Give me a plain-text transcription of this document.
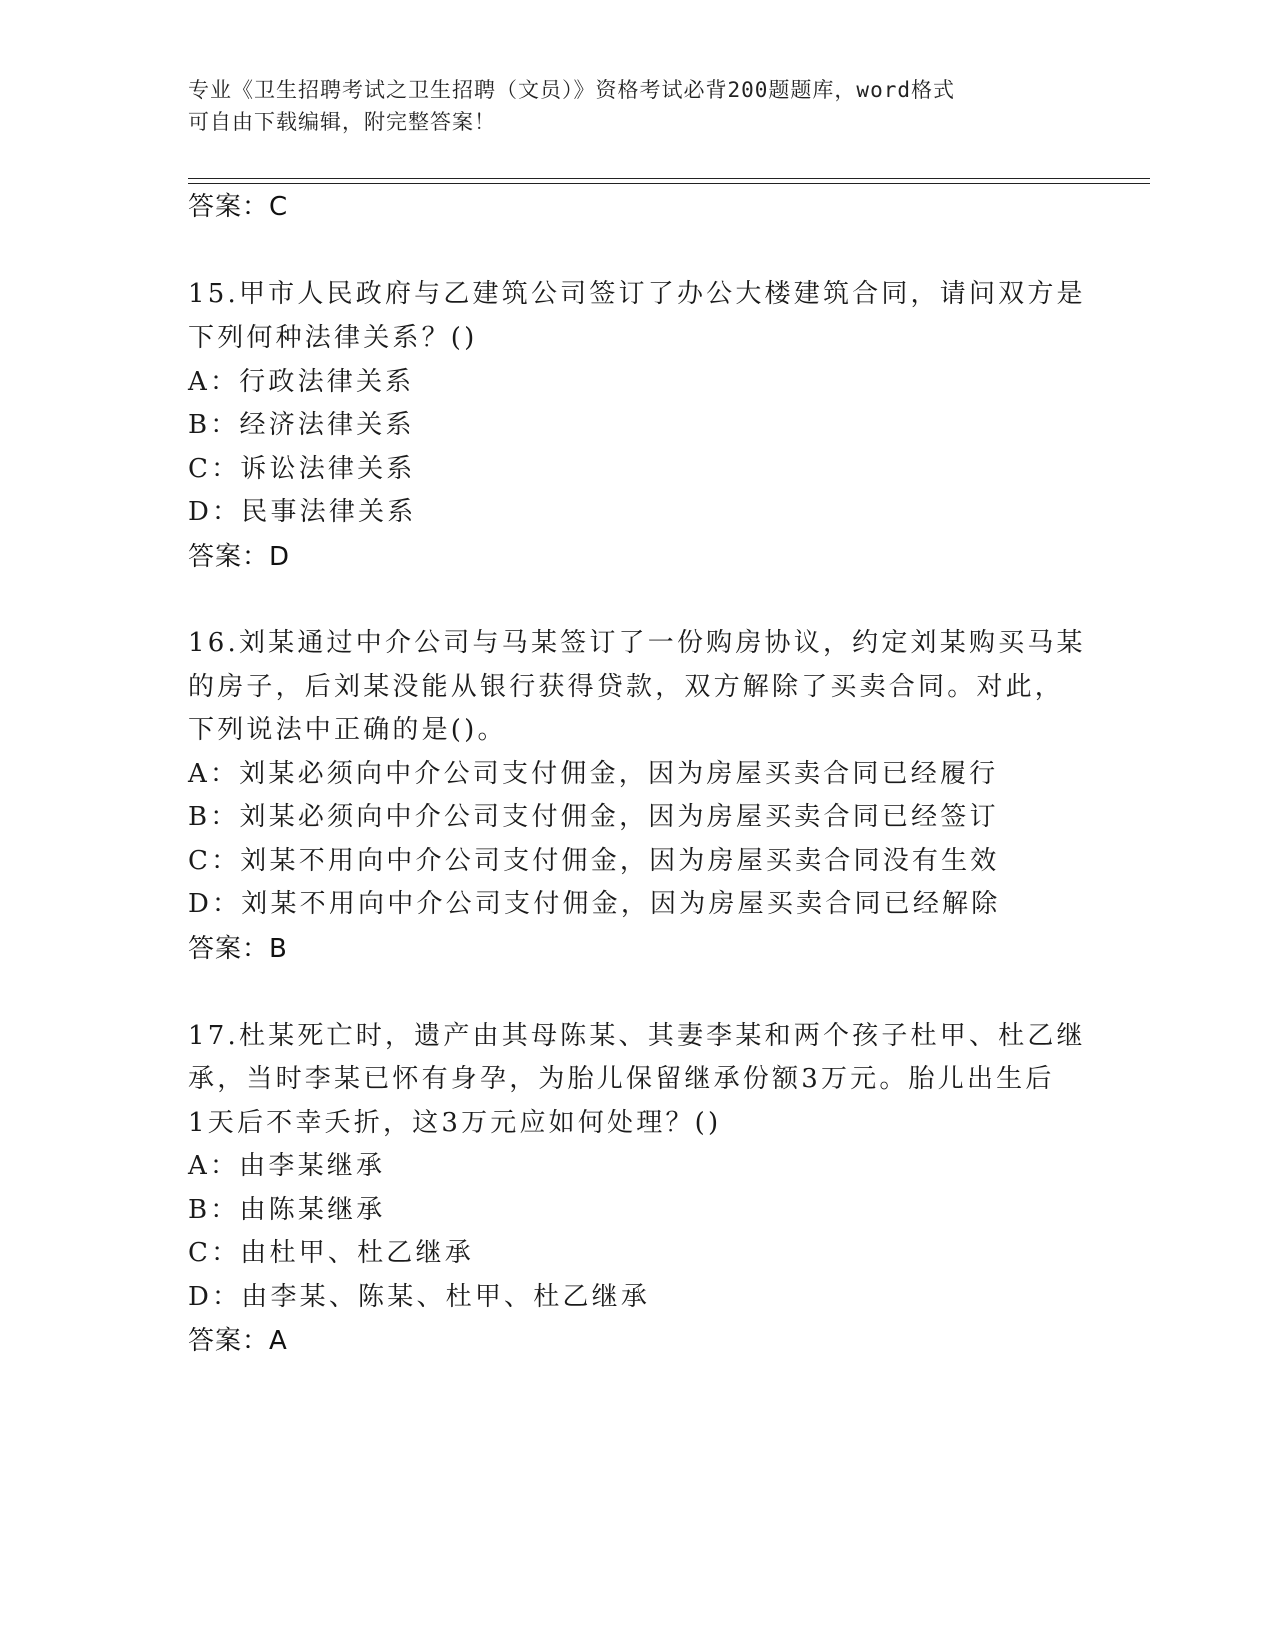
专业《卫生招聘考试之卫生招聘（文员）》资格考试必背200题题库，word格式
可自由下载编辑，附完整答案！
答案：C
15.甲市人民政府与乙建筑公司签订了办公大楼建筑合同，请问双方是
下列何种法律关系？()
A：行政法律关系
B：经济法律关系
C：诉讼法律关系
D：民事法律关系
答案：D
16.刘某通过中介公司与马某签订了一份购房协议，约定刘某购买马某
的房子，后刘某没能从银行获得贷款，双方解除了买卖合同。对此，
下列说法中正确的是()。
A：刘某必须向中介公司支付佣金，因为房屋买卖合同已经履行
B：刘某必须向中介公司支付佣金，因为房屋买卖合同已经签订
C：刘某不用向中介公司支付佣金，因为房屋买卖合同没有生效
D：刘某不用向中介公司支付佣金，因为房屋买卖合同已经解除
答案：B
17.杜某死亡时，遗产由其母陈某、其妻李某和两个孩子杜甲、杜乙继
承，当时李某已怀有身孕，为胎儿保留继承份额3万元。胎儿出生后
1天后不幸夭折，这3万元应如何处理？()
A：由李某继承
B：由陈某继承
C：由杜甲、杜乙继承
D：由李某、陈某、杜甲、杜乙继承
答案：A
